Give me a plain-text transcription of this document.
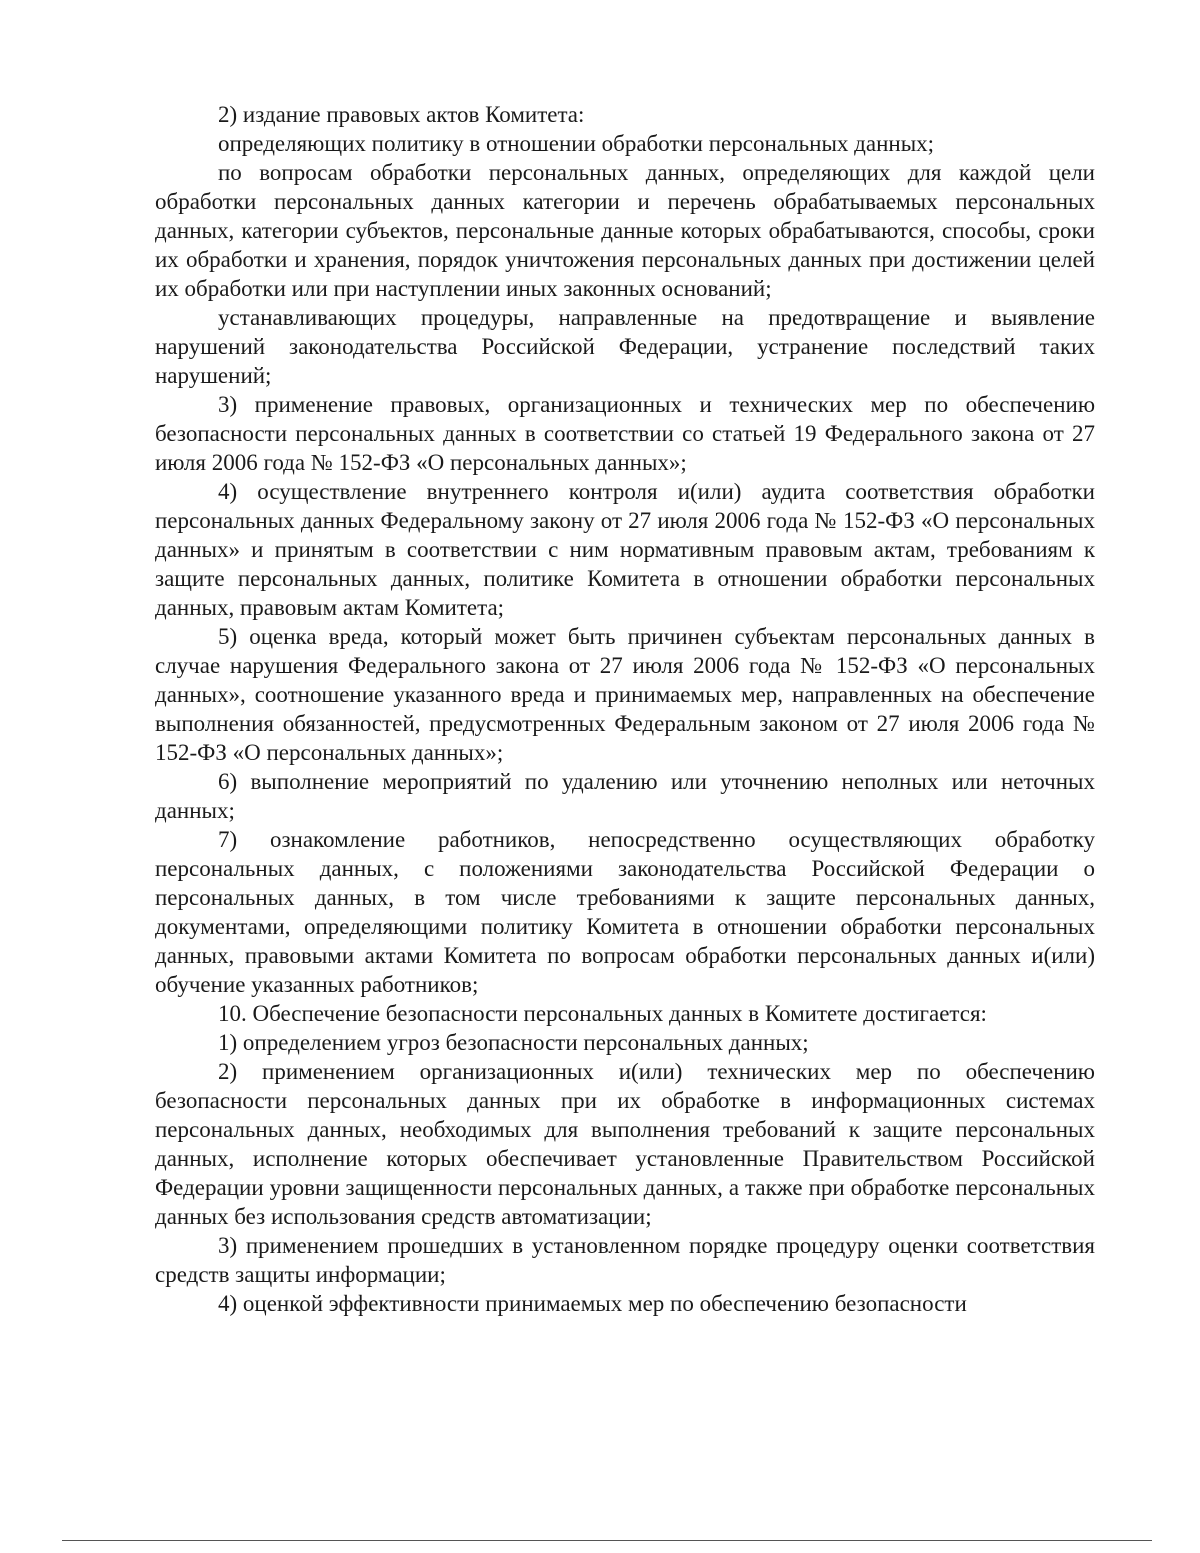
2) издание правовых актов Комитета:

определяющих политику в отношении обработки персональных данных;

по вопросам обработки персональных данных, определяющих для каждой цели обработки персональных данных категории и перечень обрабатываемых персональных данных, категории субъектов, персональные данные которых обрабатываются, способы, сроки их обработки и хранения, порядок уничтожения персональных данных при достижении целей их обработки или при наступлении иных законных оснований;

устанавливающих процедуры, направленные на предотвращение и выявление нарушений законодательства Российской Федерации, устранение последствий таких нарушений;

3) применение правовых, организационных и технических мер по обеспечению безопасности персональных данных в соответствии со статьей 19 Федерального закона от 27 июля 2006 года № 152-ФЗ «О персональных данных»;

4) осуществление внутреннего контроля и(или) аудита соответствия обработки персональных данных Федеральному закону от 27 июля 2006 года № 152-ФЗ «О персональных данных» и принятым в соответствии с ним нормативным правовым актам, требованиям к защите персональных данных, политике Комитета в отношении обработки персональных данных, правовым актам Комитета;

5) оценка вреда, который может быть причинен субъектам персональных данных в случае нарушения Федерального закона от 27 июля 2006 года № 152-ФЗ «О персональных данных», соотношение указанного вреда и принимаемых мер, направленных на обеспечение выполнения обязанностей, предусмотренных Федеральным законом от 27 июля 2006 года № 152-ФЗ «О персональных данных»;

6) выполнение мероприятий по удалению или уточнению неполных или неточных данных;

7) ознакомление работников, непосредственно осуществляющих обработку персональных данных, с положениями законодательства Российской Федерации о персональных данных, в том числе требованиями к защите персональных данных, документами, определяющими политику Комитета в отношении обработки персональных данных, правовыми актами Комитета по вопросам обработки персональных данных и(или) обучение указанных работников;

10. Обеспечение безопасности персональных данных в Комитете достигается:

1) определением угроз безопасности персональных данных;

2) применением организационных и(или) технических мер по обеспечению безопасности персональных данных при их обработке в информационных системах персональных данных, необходимых для выполнения требований к защите персональных данных, исполнение которых обеспечивает установленные Правительством Российской Федерации уровни защищенности персональных данных, а также при обработке персональных данных без использования средств автоматизации;

3) применением прошедших в установленном порядке процедуру оценки соответствия средств защиты информации;

4) оценкой эффективности принимаемых мер по обеспечению безопасности
